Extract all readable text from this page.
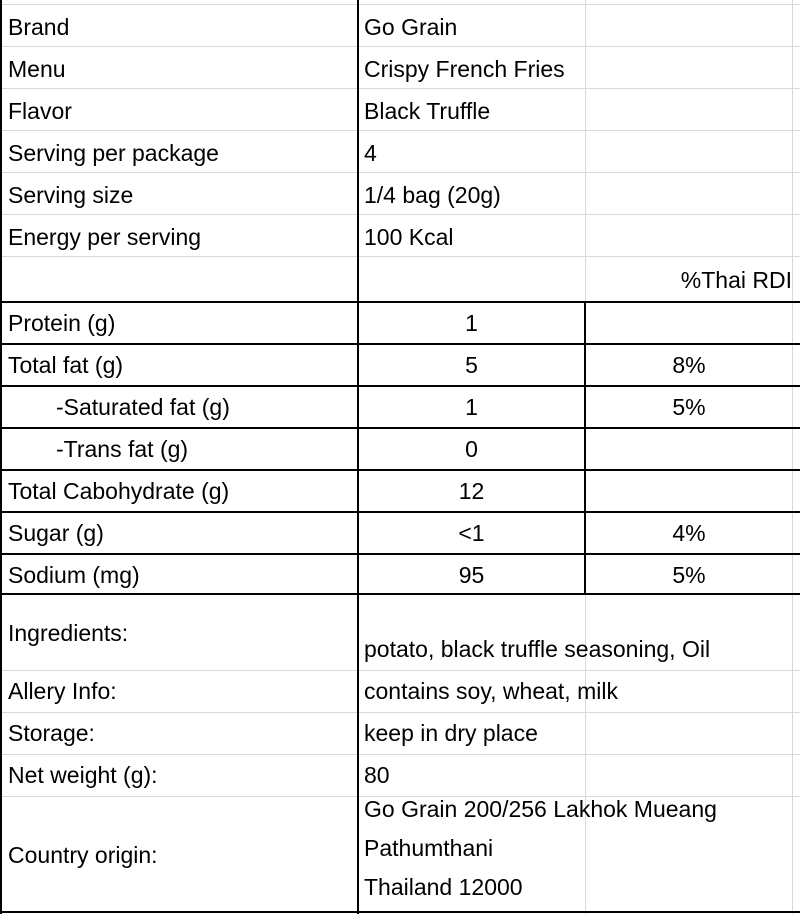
Brand	Go Grain
Menu	Crispy French Fries
Flavor	Black Truffle
Serving per package	4
Serving size	1/4 bag (20g)
Energy per serving	100 Kcal
%Thai RDI
Protein (g)	1
Total fat (g)	5	8%
-Saturated fat (g)	1	5%
-Trans fat (g)	0
Total Cabohydrate (g)	12
Sugar (g)	<1	4%
Sodium (mg)	95	5%
Ingredients:
potato, black truffle seasoning, Oil
Allery Info:	contains soy, wheat, milk
Storage:	keep in dry place
Net weight (g):	80
Country origin:
Go Grain 200/256 Lakhok Mueang
Pathumthani
Thailand 12000
